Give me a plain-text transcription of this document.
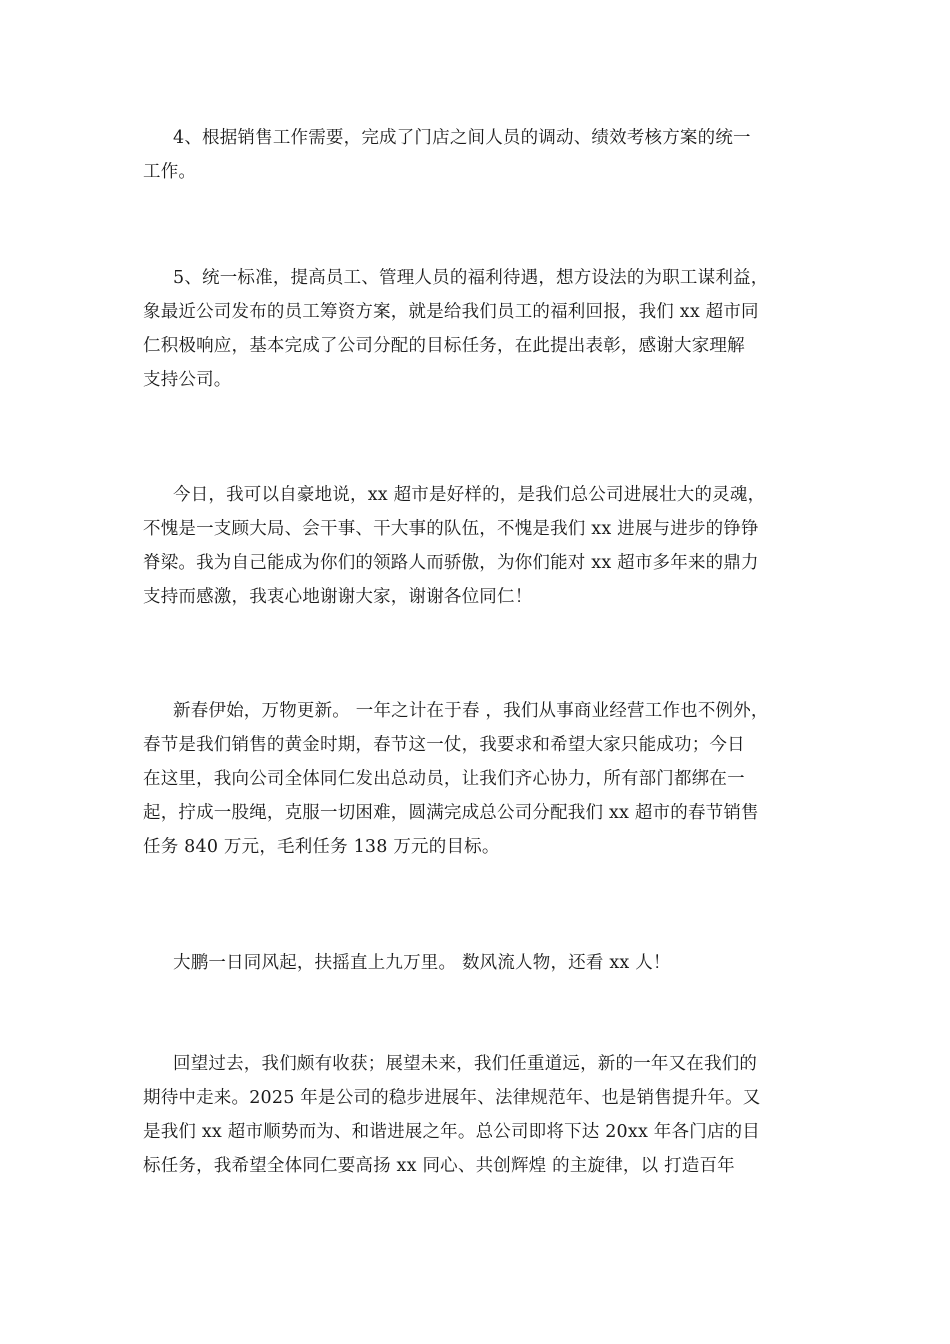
4、根据销售工作需要，完成了门店之间人员的调动、绩效考核方案的统一
工作。
5、统一标准，提高员工、管理人员的福利待遇，想方设法的为职工谋利益，
象最近公司发布的员工筹资方案，就是给我们员工的福利回报，我们 xx 超市同
仁积极响应，基本完成了公司分配的目标任务，在此提出表彰，感谢大家理解
支持公司。
今日，我可以自豪地说，xx 超市是好样的，是我们总公司进展壮大的灵魂，
不愧是一支顾大局、会干事、干大事的队伍，不愧是我们 xx 进展与进步的铮铮
脊梁。我为自己能成为你们的领路人而骄傲，为你们能对 xx 超市多年来的鼎力
支持而感激，我衷心地谢谢大家，谢谢各位同仁！
新春伊始，万物更新。 一年之计在于春 ，我们从事商业经营工作也不例外，
春节是我们销售的黄金时期，春节这一仗，我要求和希望大家只能成功；今日
在这里，我向公司全体同仁发出总动员，让我们齐心协力，所有部门都绑在一
起，拧成一股绳，克服一切困难，圆满完成总公司分配我们 xx 超市的春节销售
任务 840 万元，毛利任务 138 万元的目标。
大鹏一日同风起，扶摇直上九万里。 数风流人物，还看 xx 人！
回望过去，我们颇有收获；展望未来，我们任重道远，新的一年又在我们的
期待中走来。2025 年是公司的稳步进展年、法律规范年、也是销售提升年。又
是我们 xx 超市顺势而为、和谐进展之年。总公司即将下达 20xx 年各门店的目
标任务，我希望全体同仁要高扬 xx 同心、共创辉煌 的主旋律，以 打造百年
